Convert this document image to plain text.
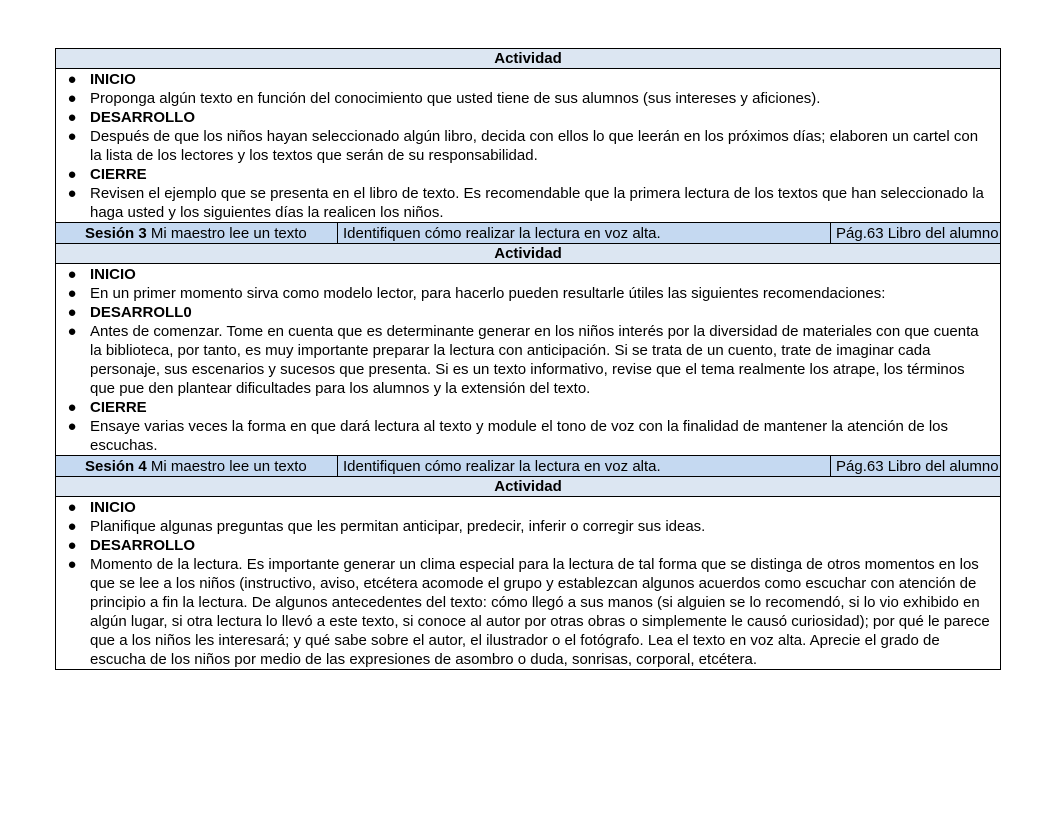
Actividad
● INICIO
● Proponga algún texto en función del conocimiento que usted tiene de sus alumnos (sus intereses y aficiones).
● DESARROLLO
● Después de que los niños hayan seleccionado algún libro, decida con ellos lo que leerán en los próximos días; elaboren un cartel con la lista de los lectores y los textos que serán de su responsabilidad.
● CIERRE
● Revisen el ejemplo que se presenta en el libro de texto. Es recomendable que la primera lectura de los textos que han seleccionado la haga usted y los siguientes días la realicen los niños.
Sesión 3 Mi maestro lee un texto	Identifiquen cómo realizar la lectura en voz alta.	Pág.63 Libro del alumno
Actividad
● INICIO
● En un primer momento sirva como modelo lector, para hacerlo pueden resultarle útiles las siguientes recomendaciones:
● DESARROLL0
● Antes de comenzar. Tome en cuenta que es determinante generar en los niños interés por la diversidad de materiales con que cuenta la biblioteca, por tanto, es muy importante preparar la lectura con anticipación. Si se trata de un cuento, trate de imaginar cada personaje, sus escenarios y sucesos que presenta. Si es un texto informativo, revise que el tema realmente los atrape, los términos que pue den plantear dificultades para los alumnos y la extensión del texto.
● CIERRE
● Ensaye varias veces la forma en que dará lectura al texto y module el tono de voz con la finalidad de mantener la atención de los escuchas.
Sesión 4 Mi maestro lee un texto	Identifiquen cómo realizar la lectura en voz alta.	Pág.63 Libro del alumno
Actividad
● INICIO
● Planifique algunas preguntas que les permitan anticipar, predecir, inferir o corregir sus ideas.
● DESARROLLO
● Momento de la lectura. Es importante generar un clima especial para la lectura de tal forma que se distinga de otros momentos en los que se lee a los niños (instructivo, aviso, etcétera acomode el grupo y establezcan algunos acuerdos como escuchar con atención de principio a fin la lectura. De algunos antecedentes del texto: cómo llegó a sus manos (si alguien se lo recomendó, si lo vio exhibido en algún lugar, si otra lectura lo llevó a este texto, si conoce al autor por otras obras o simplemente le causó curiosidad); por qué le parece que a los niños les interesará; y qué sabe sobre el autor, el ilustrador o el fotógrafo. Lea el texto en voz alta. Aprecie el grado de escucha de los niños por medio de las expresiones de asombro o duda, sonrisas, corporal, etcétera.
